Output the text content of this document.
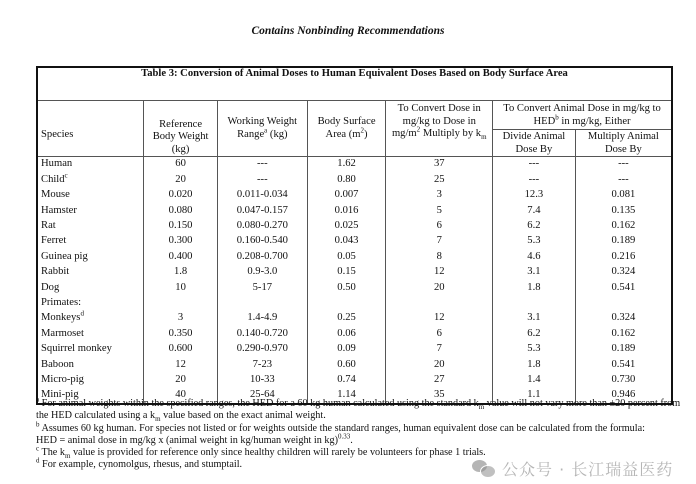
Contains Nonbinding Recommendations
Table 3: Conversion of Animal Doses to Human Equivalent Doses Based on Body Surface Area						
Species	Reference Body Weight (kg)	Working Weight Range$^a$ (kg)	Body Surface Area $(m^2)$	To Convert Dose in mg/kg to Dose in $mg/m^2$ Multiply by $k_m$	To Convert Animal Dose in mg/kg to HED$^b$ in mg/kg, Either	
					Divide Animal Dose By	Multiply Animal Dose By
Human	60	---	1.62	37	---	---
Child$^c$	20	---	0.80	25	---	---
Mouse	0.020	0.011-0.034	0.007	3	12.3	0.081
Hamster	0.080	0.047-0.157	0.016	5	7.4	0.135
Rat	0.150	0.080-0.270	0.025	6	6.2	0.162
Ferret	0.300	0.160-0.540	0.043	7	5.3	0.189
Guinea pig	0.400	0.208-0.700	0.05	8	4.6	0.216
Rabbit	1.8	0.9-3.0	0.15	12	3.1	0.324
Dog	10	5-17	0.50	20	1.8	0.541
Primates:						
Monkeys$^d$	3	1.4-4.9	0.25	12	3.1	0.324
Marmoset	0.350	0.140-0.720	0.06	6	6.2	0.162
Squirrel monkey	0.600	0.290-0.970	0.09	7	5.3	0.189
Baboon	12	7-23	0.60	20	1.8	0.541
Micro-pig	20	10-33	0.74	27	1.4	0.730
Mini-pig	40	25-64	1.14	35	1.1	0.946

$^a$ For animal weights within the specified ranges, the HED for a 60 kg human calculated using the standard $k_m$ value will not vary more than ±20 percent from the HED calculated using a $k_m$ value based on the exact animal weight.

$^b$ Assumes 60 kg human. For species not listed or for weights outside the standard ranges, human equivalent dose can be calculated from the formula:
HED = animal dose in mg/kg x (animal weight in kg/human weight in kg)$^{0.33}$.

$^c$ The $k_m$ value is provided for reference only since healthy children will rarely be volunteers for phase 1 trials.

$^d$ For example, cynomolgus, rhesus, and stumptail.	公众号 · 长江瑞益医药
